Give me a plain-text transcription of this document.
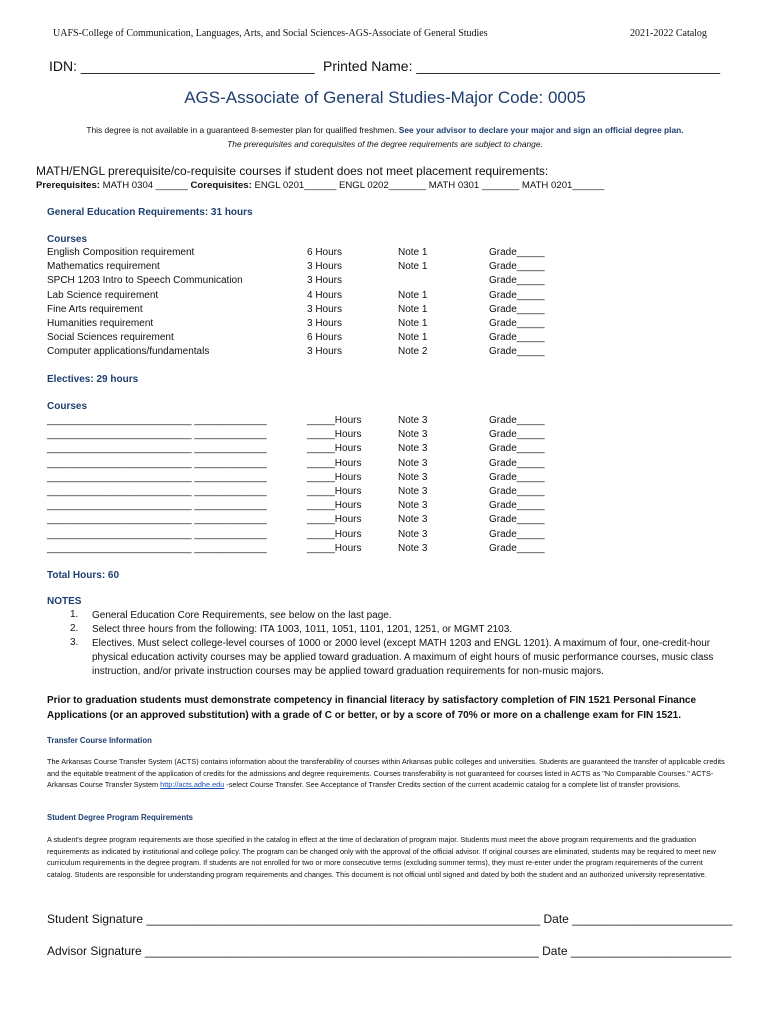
UAFS-College of Communication, Languages, Arts, and Social Sciences-AGS-Associate of General Studies	2021-2022 Catalog
IDN: ______________________________ Printed Name: _______________________________________
AGS-Associate of General Studies-Major Code: 0005
This degree is not available in a guaranteed 8-semester plan for qualified freshmen. See your advisor to declare your major and sign an official degree plan.
The prerequisites and corequisites of the degree requirements are subject to change.
MATH/ENGL prerequisite/co-requisite courses if student does not meet placement requirements:
Prerequisites: MATH 0304 ______ Corequisites: ENGL 0201______ ENGL 0202_______ MATH 0301 _______ MATH 0201______
General Education Requirements: 31 hours
Courses
English Composition requirement	6 Hours	Note 1	Grade_____
Mathematics requirement	3 Hours	Note 1	Grade_____
SPCH 1203 Intro to Speech Communication	3 Hours	Grade_____
Lab Science requirement	4 Hours	Note 1	Grade_____
Fine Arts requirement	3 Hours	Note 1	Grade_____
Humanities requirement	3 Hours	Note 1	Grade_____
Social Sciences requirement	6 Hours	Note 1	Grade_____
Computer applications/fundamentals	3 Hours	Note 2	Grade_____
Electives: 29 hours
Courses
__________________________ _____________	_____Hours	Note 3	Grade_____
__________________________ _____________	_____Hours	Note 3	Grade_____
__________________________ _____________	_____Hours	Note 3	Grade_____
__________________________ _____________	_____Hours	Note 3	Grade_____
__________________________ _____________	_____Hours	Note 3	Grade_____
__________________________ _____________	_____Hours	Note 3	Grade_____
__________________________ _____________	_____Hours	Note 3	Grade_____
__________________________ _____________	_____Hours	Note 3	Grade_____
__________________________ _____________	_____Hours	Note 3	Grade_____
__________________________ _____________	_____Hours	Note 3	Grade_____
Total Hours: 60
NOTES
1. General Education Core Requirements, see below on the last page.
2. Select three hours from the following: ITA 1003, 1011, 1051, 1101, 1201, 1251, or MGMT 2103.
3. Electives. Must select college-level courses of 1000 or 2000 level (except MATH 1203 and ENGL 1201). A maximum of four, one-credit-hour physical education activity courses may be applied toward graduation. A maximum of eight hours of music performance courses, music class instruction, and/or private instruction courses may be applied toward graduation requirements for non-music majors.
Prior to graduation students must demonstrate competency in financial literacy by satisfactory completion of FIN 1521 Personal Finance Applications (or an approved substitution) with a grade of C or better, or by a score of 70% or more on a challenge exam for FIN 1521.
Transfer Course Information
The Arkansas Course Transfer System (ACTS) contains information about the transferability of courses within Arkansas public colleges and universities. Students are guaranteed the transfer of applicable credits and the equitable treatment of the application of credits for the admissions and degree requirements. Courses transferability is not guaranteed for courses listed in ACTS as "No Comparable Courses." ACTS-Arkansas Course Transfer System http://acts.adhe.edu -select Course Transfer. See Acceptance of Transfer Credits section of the current academic catalog for a complete list of transfer provisions.
Student Degree Program Requirements
A student's degree program requirements are those specified in the catalog in effect at the time of declaration of program major. Students must meet the above program requirements and the graduation requirements as indicated by institutional and college policy. The program can be changed only with the approval of the official advisor. If original courses are eliminated, students may be required to meet new curriculum requirements in the degree program. If students are not enrolled for two or more consecutive terms (excluding summer terms), they must re-enter under the program requirements of the current catalog. Students are responsible for understanding program requirements and changes. This document is not official until signed and dated by both the student and an authorized university representative.
Student Signature ___________________________________________________________ Date ________________________
Advisor Signature ___________________________________________________________ Date ________________________
